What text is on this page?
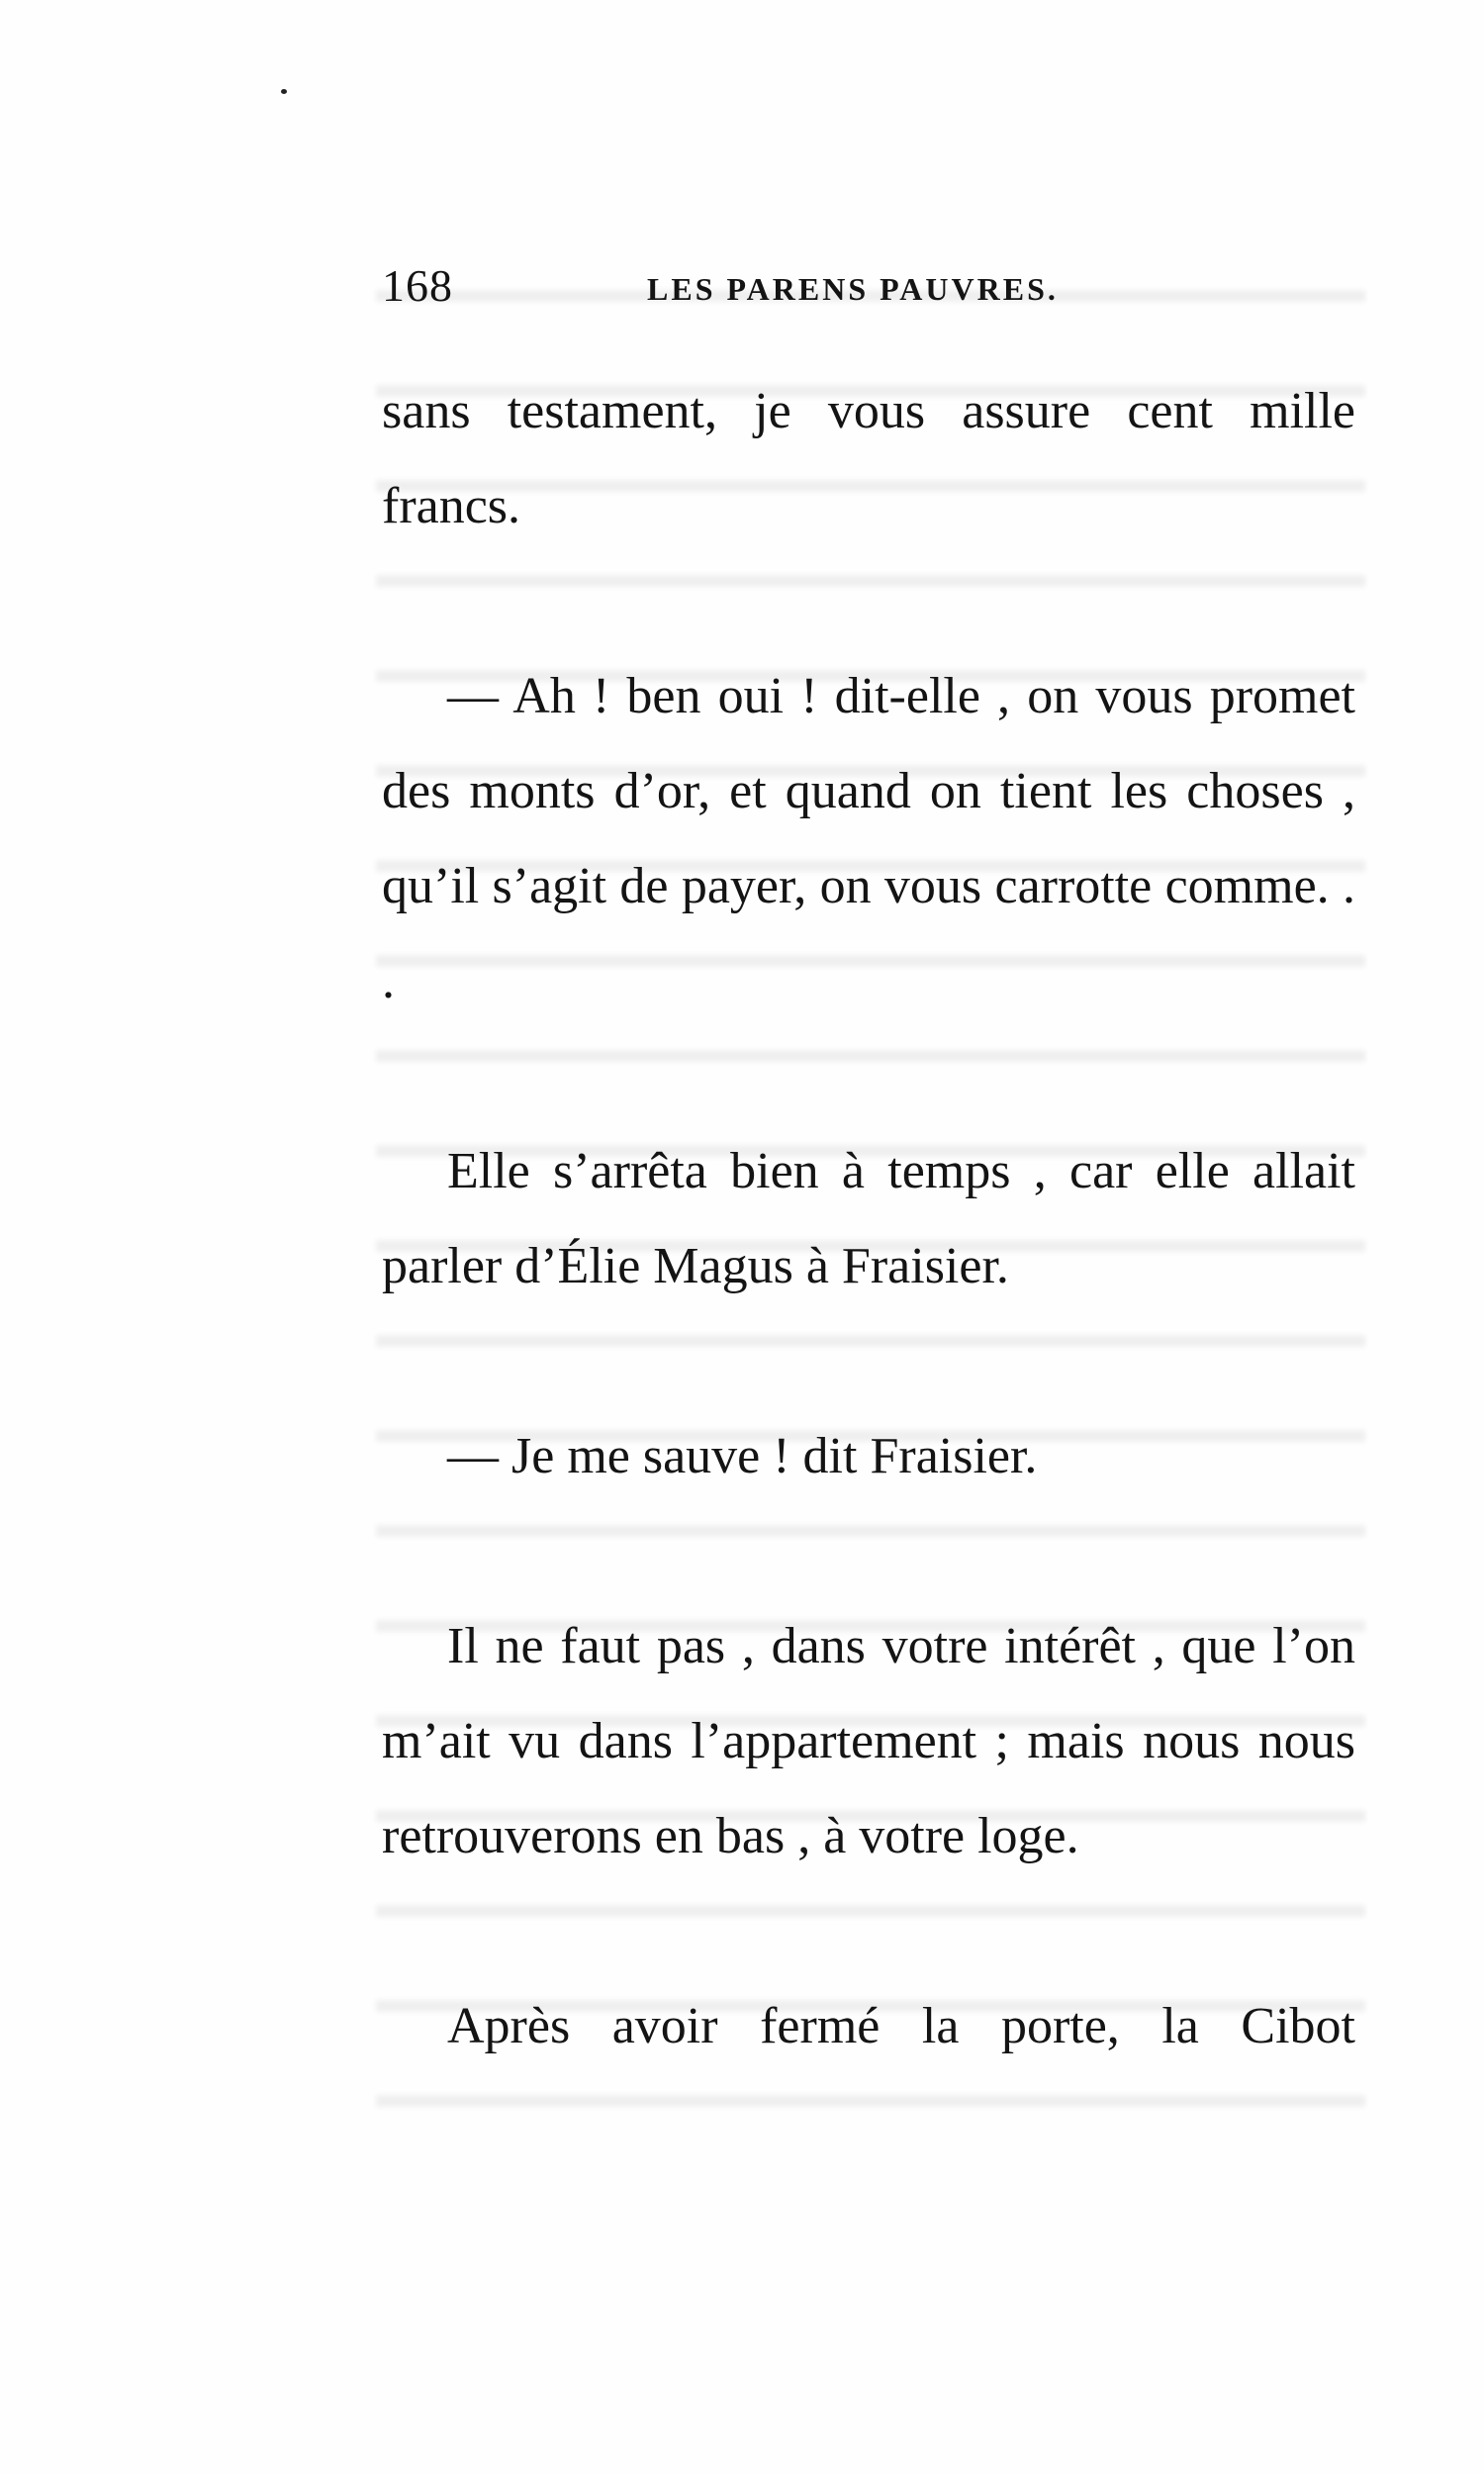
168	LES PARENS PAUVRES.

sans testament, je vous assure cent mille francs.

— Ah ! ben oui ! dit-elle , on vous promet des monts d’or, et quand on tient les choses , qu’il s’agit de payer, on vous carrotte comme. . .

Elle s’arrêta bien à temps , car elle allait parler d’Élie Magus à Fraisier.

— Je me sauve ! dit Fraisier.

Il ne faut pas , dans votre intérêt , que l’on m’ait vu dans l’appartement ; mais nous nous retrouverons en bas , à votre loge.

Après avoir fermé la porte, la Cibot
